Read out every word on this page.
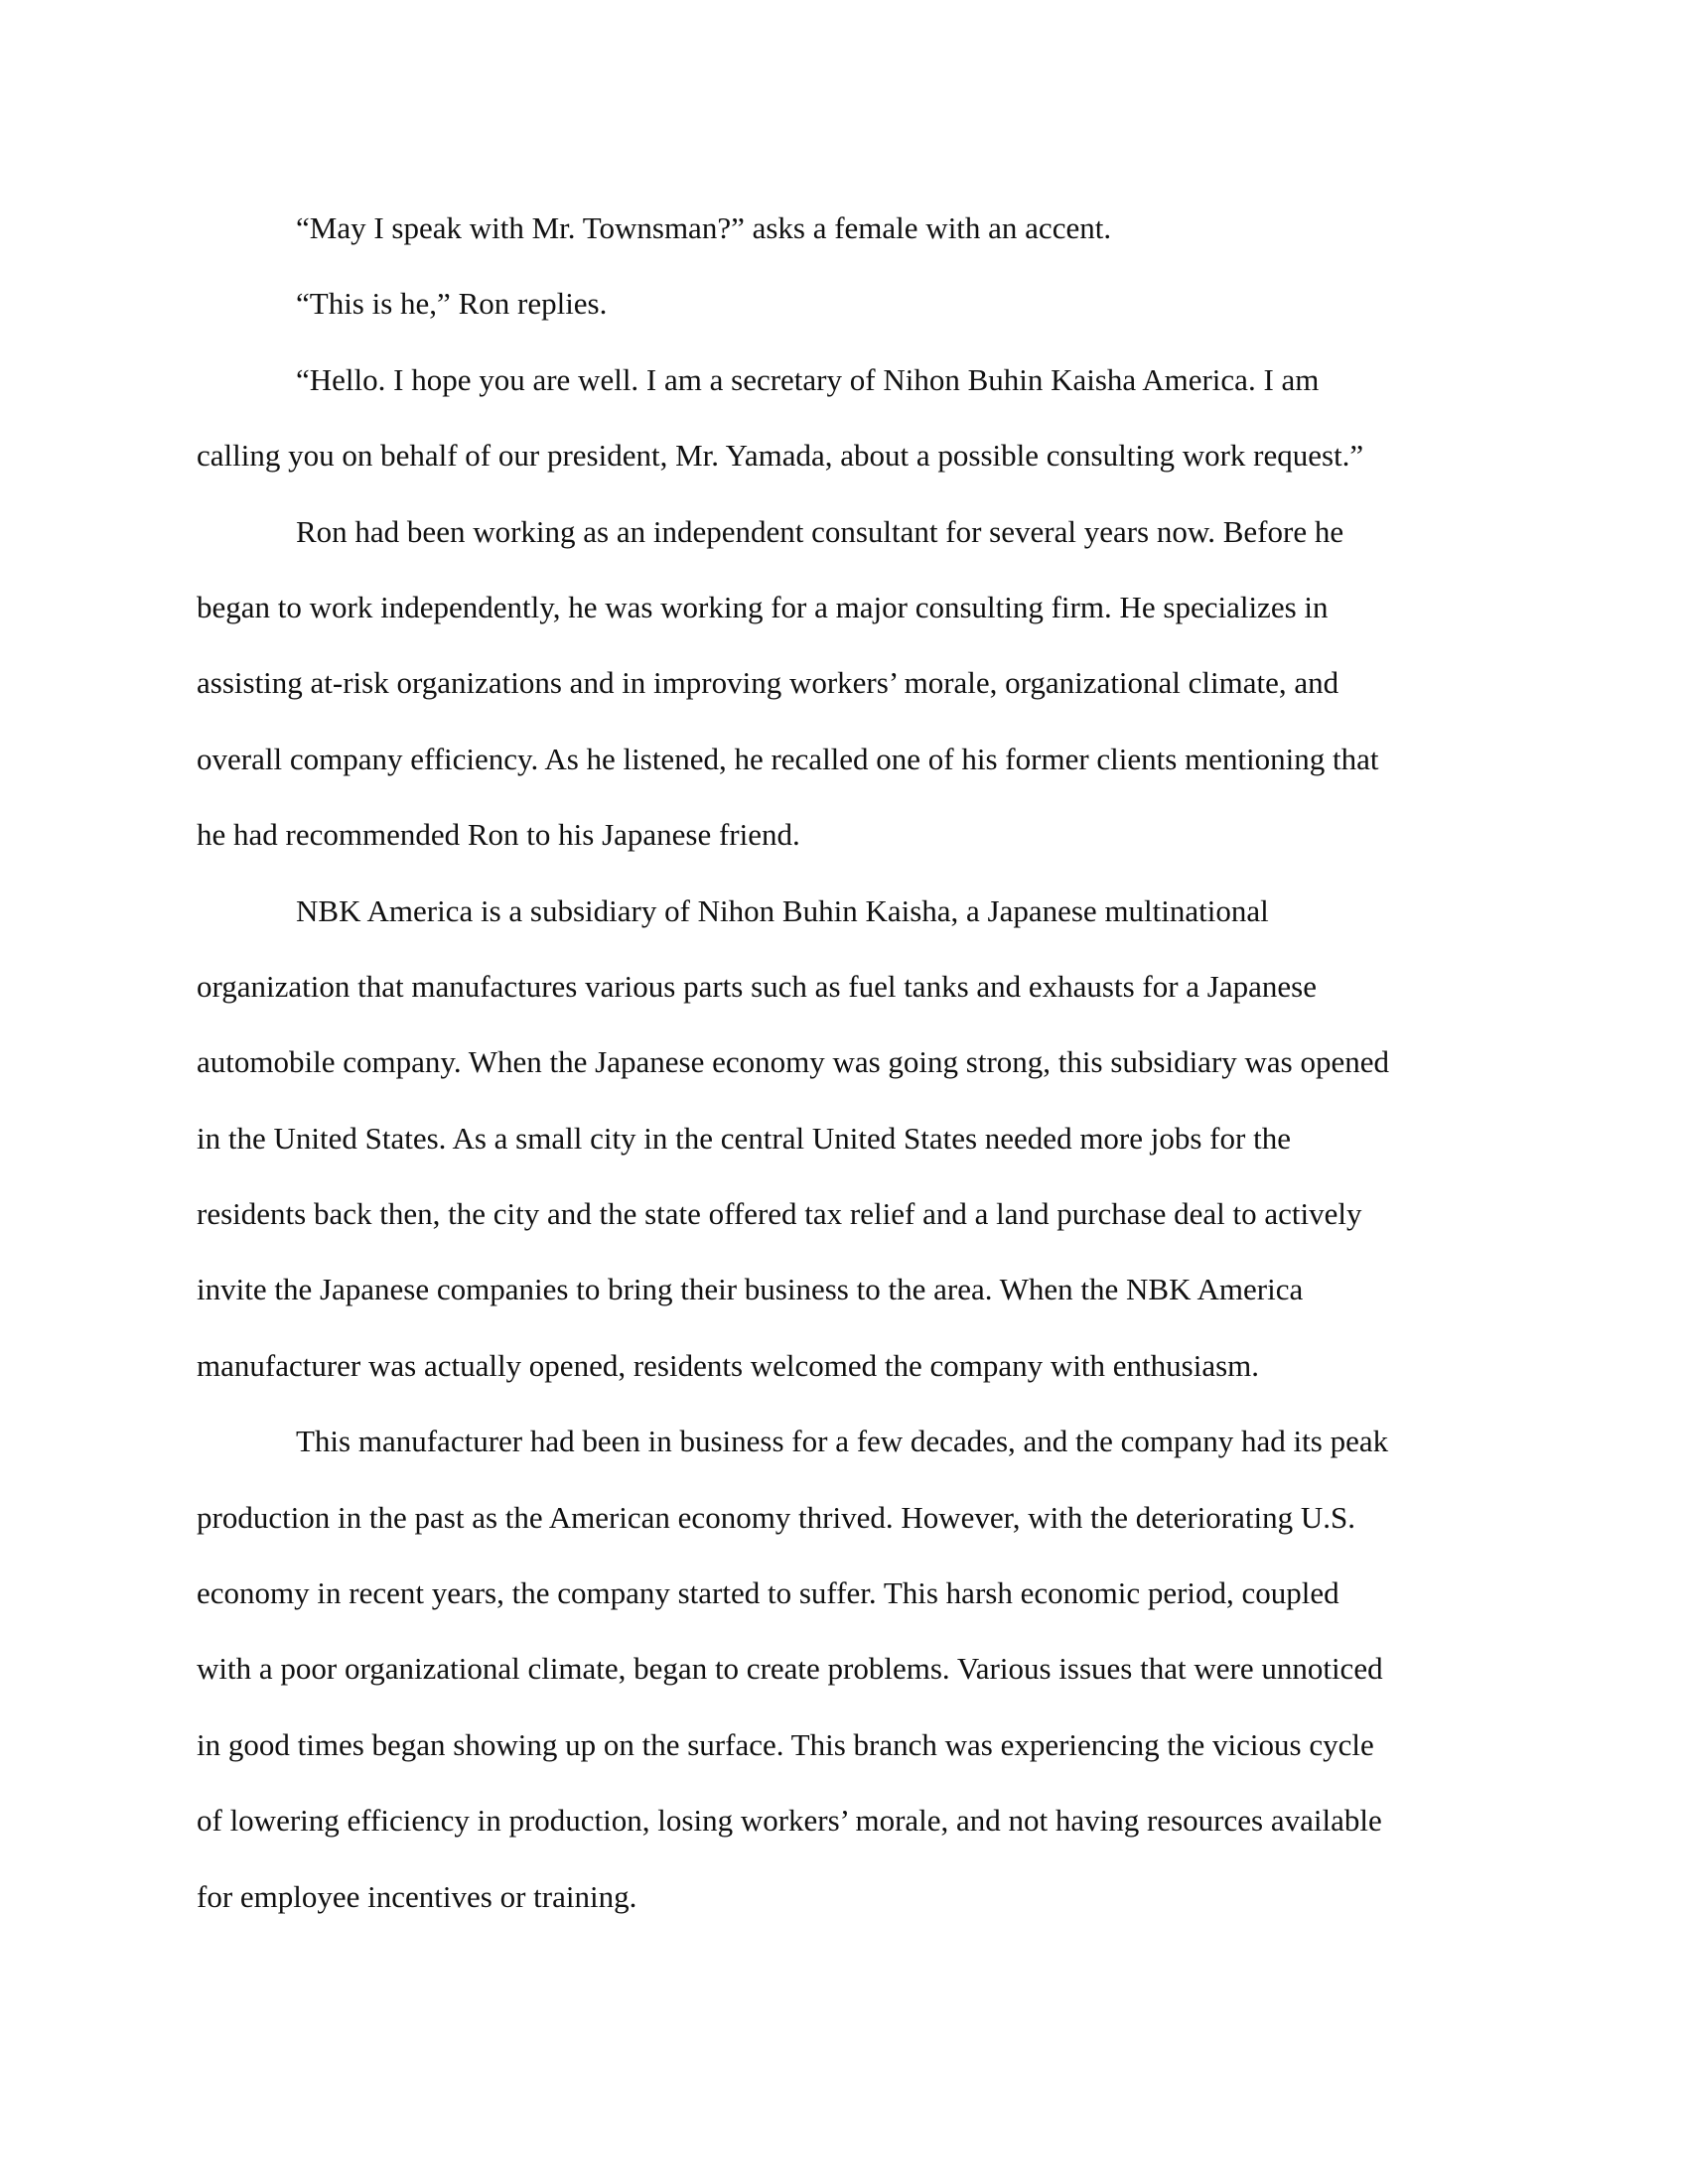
“May I speak with Mr. Townsman?” asks a female with an accent.
“This is he,” Ron replies.
“Hello. I hope you are well. I am a secretary of Nihon Buhin Kaisha America. I am
calling you on behalf of our president, Mr. Yamada, about a possible consulting work request.”
Ron had been working as an independent consultant for several years now. Before he
began to work independently, he was working for a major consulting firm. He specializes in
assisting at-risk organizations and in improving workers’ morale, organizational climate, and
overall company efficiency. As he listened, he recalled one of his former clients mentioning that
he had recommended Ron to his Japanese friend.
NBK America is a subsidiary of Nihon Buhin Kaisha, a Japanese multinational
organization that manufactures various parts such as fuel tanks and exhausts for a Japanese
automobile company. When the Japanese economy was going strong, this subsidiary was opened
in the United States. As a small city in the central United States needed more jobs for the
residents back then, the city and the state offered tax relief and a land purchase deal to actively
invite the Japanese companies to bring their business to the area. When the NBK America
manufacturer was actually opened, residents welcomed the company with enthusiasm.
This manufacturer had been in business for a few decades, and the company had its peak
production in the past as the American economy thrived. However, with the deteriorating U.S.
economy in recent years, the company started to suffer. This harsh economic period, coupled
with a poor organizational climate, began to create problems. Various issues that were unnoticed
in good times began showing up on the surface. This branch was experiencing the vicious cycle
of lowering efficiency in production, losing workers’ morale, and not having resources available
for employee incentives or training.
